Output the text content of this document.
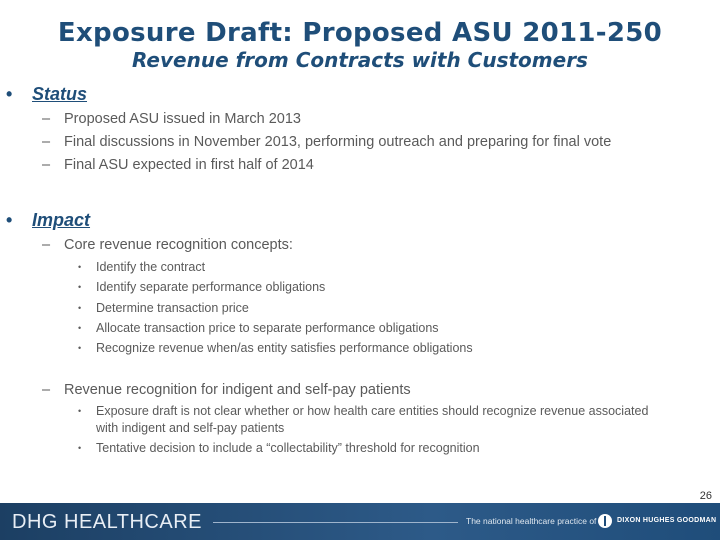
Exposure Draft: Proposed ASU 2011-250
Revenue from Contracts with Customers
• Status
– Proposed ASU issued in March 2013
– Final discussions in November 2013, performing outreach and preparing for final vote
– Final ASU expected in first half of 2014
• Impact
– Core revenue recognition concepts:
• Identify the contract
• Identify separate performance obligations
• Determine transaction price
• Allocate transaction price to separate performance obligations
• Recognize revenue when/as entity satisfies performance obligations
– Revenue recognition for indigent and self-pay patients
• Exposure draft is not clear whether or how health care entities should recognize revenue associated with indigent and self-pay patients
• Tentative decision to include a “collectability” threshold for recognition
26
DHG HEALTHCARE	The national healthcare practice of	DIXON HUGHES GOODMAN
